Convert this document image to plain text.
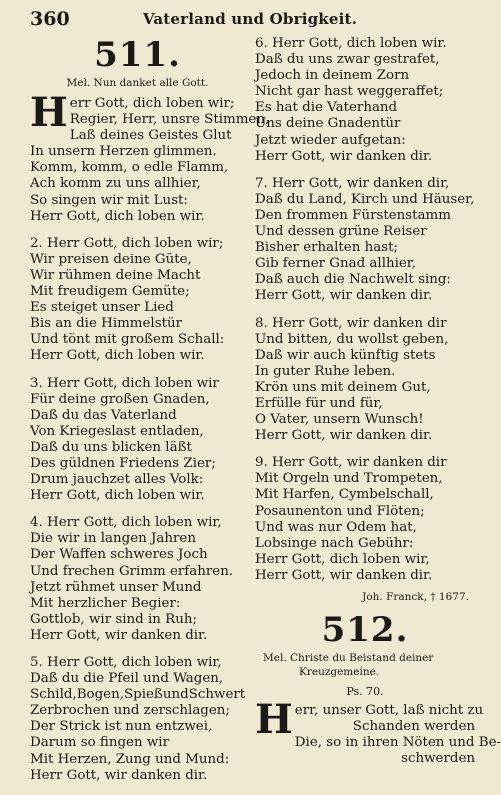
360	Vaterland und Obrigkeit.
511.
Mel. Nun danket alle Gott.
H err Gott, dich loben wir;
Regier, Herr, unsre Stimmen,
Laß deines Geistes Glut
In unsern Herzen glimmen.
Komm, komm, o edle Flamm,
Ach komm zu uns allhier,
So singen wir mit Lust:
Herr Gott, dich loben wir.
2. Herr Gott, dich loben wir;
Wir preisen deine Güte,
Wir rühmen deine Macht
Mit freudigem Gemüte;
Es steiget unser Lied
Bis an die Himmelstür
Und tönt mit großem Schall:
Herr Gott, dich loben wir.
3. Herr Gott, dich loben wir
Für deine großen Gnaden,
Daß du das Vaterland
Von Kriegeslast entladen,
Daß du uns blicken läßt
Des güldnen Friedens Zier;
Drum jauchzet alles Volk:
Herr Gott, dich loben wir.
4. Herr Gott, dich loben wir,
Die wir in langen Jahren
Der Waffen schweres Joch
Und frechen Grimm erfahren.
Jetzt rühmet unser Mund
Mit herzlicher Begier:
Gottlob, wir sind in Ruh;
Herr Gott, wir danken dir.
5. Herr Gott, dich loben wir,
Daß du die Pfeil und Wagen,
Schild,Bogen,SpießundSchwert
Zerbrochen und zerschlagen;
Der Strick ist nun entzwei,
Darum so fingen wir
Mit Herzen, Zung und Mund:
Herr Gott, wir danken dir.
6. Herr Gott, dich loben wir.
Daß du uns zwar gestrafet,
Jedoch in deinem Zorn
Nicht gar hast weggeraffet;
Es hat die Vaterhand
Uns deine Gnadentür
Jetzt wieder aufgetan:
Herr Gott, wir danken dir.
7. Herr Gott, wir danken dir,
Daß du Land, Kirch und Häuser,
Den frommen Fürstenstamm
Und dessen grüne Reiser
Bisher erhalten hast;
Gib ferner Gnad allhier,
Daß auch die Nachwelt sing:
Herr Gott, wir danken dir.
8. Herr Gott, wir danken dir
Und bitten, du wollst geben,
Daß wir auch künftig stets
In guter Ruhe leben.
Krön uns mit deinem Gut,
Erfülle für und für,
O Vater, unsern Wunsch!
Herr Gott, wir danken dir.
9. Herr Gott, wir danken dir
Mit Orgeln und Trompeten,
Mit Harfen, Cymbelschall,
Posaunenton und Flöten;
Und was nur Odem hat,
Lobsinge nach Gebühr:
Herr Gott, dich loben wir,
Herr Gott, wir danken dir.
Joh. Franck, † 1677.
512.
Mel. Christe du Beistand deiner
Kreuzgemeine.
Ps. 70.
H err, unser Gott, laß nicht zu
Schanden werden
Die, so in ihren Nöten und Be-
schwerden
